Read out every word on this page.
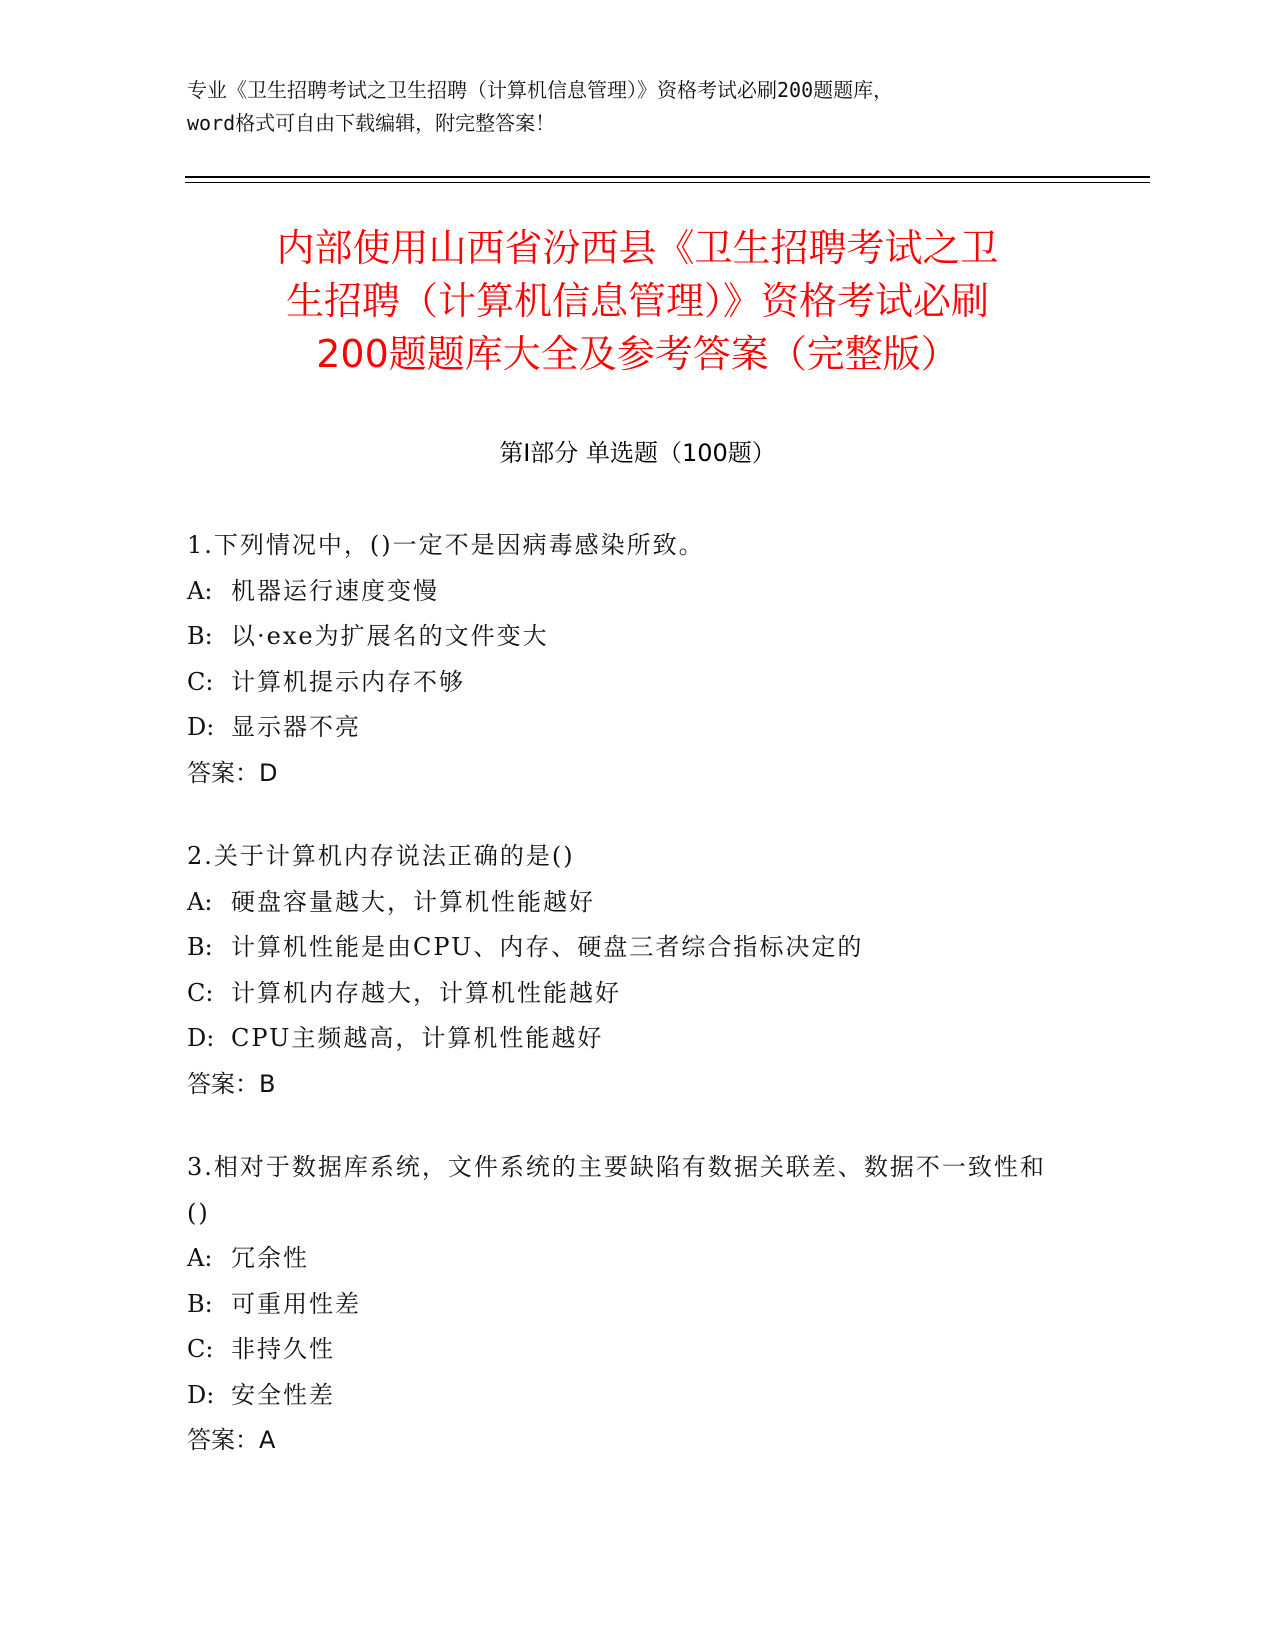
专业《卫生招聘考试之卫生招聘（计算机信息管理）》资格考试必刷200题题库，
word格式可自由下载编辑，附完整答案！
内部使用山西省汾西县《卫生招聘考试之卫
生招聘（计算机信息管理）》资格考试必刷
200题题库大全及参考答案（完整版）
第Ⅰ部分 单选题（100题）
1.下列情况中，()一定不是因病毒感染所致。
A: 机器运行速度变慢
B: 以·exe为扩展名的文件变大
C: 计算机提示内存不够
D: 显示器不亮
答案：D
2.关于计算机内存说法正确的是()
A: 硬盘容量越大，计算机性能越好
B: 计算机性能是由CPU、内存、硬盘三者综合指标决定的
C: 计算机内存越大，计算机性能越好
D: CPU主频越高，计算机性能越好
答案：B
3.相对于数据库系统，文件系统的主要缺陷有数据关联差、数据不一致性和()
A: 冗余性
B: 可重用性差
C: 非持久性
D: 安全性差
答案：A
